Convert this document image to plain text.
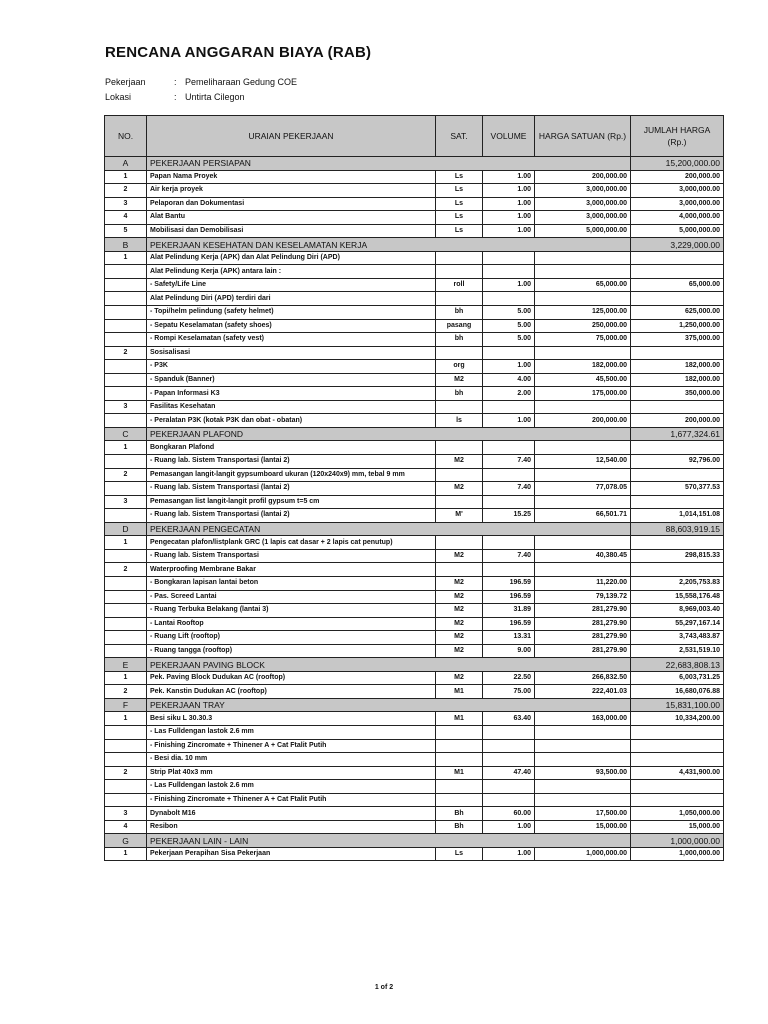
RENCANA ANGGARAN BIAYA (RAB)
Pekerjaan	: Pemeliharaan Gedung COE
Lokasi	: Untirta Cilegon
NO.	URAIAN PEKERJAAN	SAT.	VOLUME	HARGA SATUAN (Rp.)	JUMLAH HARGA (Rp.)
A	PEKERJAAN PERSIAPAN				15,200,000.00
1	Papan Nama Proyek	Ls	1.00	200,000.00	200,000.00
2	Air kerja proyek	Ls	1.00	3,000,000.00	3,000,000.00
3	Pelaporan dan Dokumentasi	Ls	1.00	3,000,000.00	3,000,000.00
4	Alat Bantu	Ls	1.00	3,000,000.00	4,000,000.00
5	Mobilisasi dan Demobilisasi	Ls	1.00	5,000,000.00	5,000,000.00
B	PEKERJAAN KESEHATAN DAN KESELAMATAN KERJA				3,229,000.00
1	Alat Pelindung Kerja (APK) dan Alat Pelindung Diri (APD)				
	Alat Pelindung Kerja (APK) antara lain :				
	- Safety/Life Line	roll	1.00	65,000.00	65,000.00
	Alat Pelindung Diri (APD) terdiri dari				
	- Topi/helm pelindung (safety helmet)	bh	5.00	125,000.00	625,000.00
	- Sepatu Keselamatan (safety shoes)	pasang	5.00	250,000.00	1,250,000.00
	- Rompi Keselamatan (safety vest)	bh	5.00	75,000.00	375,000.00
2	Sosisalisasi				
	- P3K	org	1.00	182,000.00	182,000.00
	- Spanduk (Banner)	M2	4.00	45,500.00	182,000.00
	- Papan Informasi K3	bh	2.00	175,000.00	350,000.00
3	Fasilitas Kesehatan				
	- Peralatan P3K (kotak P3K dan obat - obatan)	ls	1.00	200,000.00	200,000.00
C	PEKERJAAN PLAFOND				1,677,324.61
1	Bongkaran Plafond				
	- Ruang lab. Sistem Transportasi (lantai 2)	M2	7.40	12,540.00	92,796.00
2	Pemasangan langit-langit gypsumboard ukuran (120x240x9) mm, tebal 9 mm				
	- Ruang lab. Sistem Transportasi (lantai 2)	M2	7.40	77,078.05	570,377.53
3	Pemasangan list langit-langit profil gypsum t=5 cm				
	- Ruang lab. Sistem Transportasi (lantai 2)	M'	15.25	66,501.71	1,014,151.08
D	PEKERJAAN PENGECATAN				88,603,919.15
1	Pengecatan plafon/listplank GRC (1 lapis cat dasar + 2 lapis cat penutup)				
	- Ruang lab. Sistem Transportasi	M2	7.40	40,380.45	298,815.33
2	Waterproofing Membrane Bakar				
	- Bongkaran lapisan lantai beton	M2	196.59	11,220.00	2,205,753.83
	- Pas. Screed Lantai	M2	196.59	79,139.72	15,558,176.48
	- Ruang Terbuka Belakang (lantai 3)	M2	31.89	281,279.90	8,969,003.40
	- Lantai Rooftop	M2	196.59	281,279.90	55,297,167.14
	- Ruang Lift (rooftop)	M2	13.31	281,279.90	3,743,483.87
	- Ruang tangga (rooftop)	M2	9.00	281,279.90	2,531,519.10
E	PEKERJAAN PAVING BLOCK				22,683,808.13
1	Pek. Paving Block Dudukan AC (rooftop)	M2	22.50	266,832.50	6,003,731.25
2	Pek. Kanstin Dudukan AC (rooftop)	M1	75.00	222,401.03	16,680,076.88
F	PEKERJAAN TRAY				15,831,100.00
1	Besi siku L 30.30.3	M1	63.40	163,000.00	10,334,200.00
	- Las Fulldengan lastok 2.6 mm				
	- Finishing Zincromate + Thinener A + Cat Ftalit Putih				
	- Besi dia. 10 mm				
2	Strip Plat 40x3 mm	M1	47.40	93,500.00	4,431,900.00
	- Las Fulldengan lastok 2.6 mm				
	- Finishing Zincromate + Thinener A + Cat Ftalit Putih				
3	Dynabolt M16	Bh	60.00	17,500.00	1,050,000.00
4	Resibon	Bh	1.00	15,000.00	15,000.00
G	PEKERJAAN LAIN - LAIN				1,000,000.00
1	Pekerjaan Perapihan Sisa Pekerjaan	Ls	1.00	1,000,000.00	1,000,000.00
1 of 2
